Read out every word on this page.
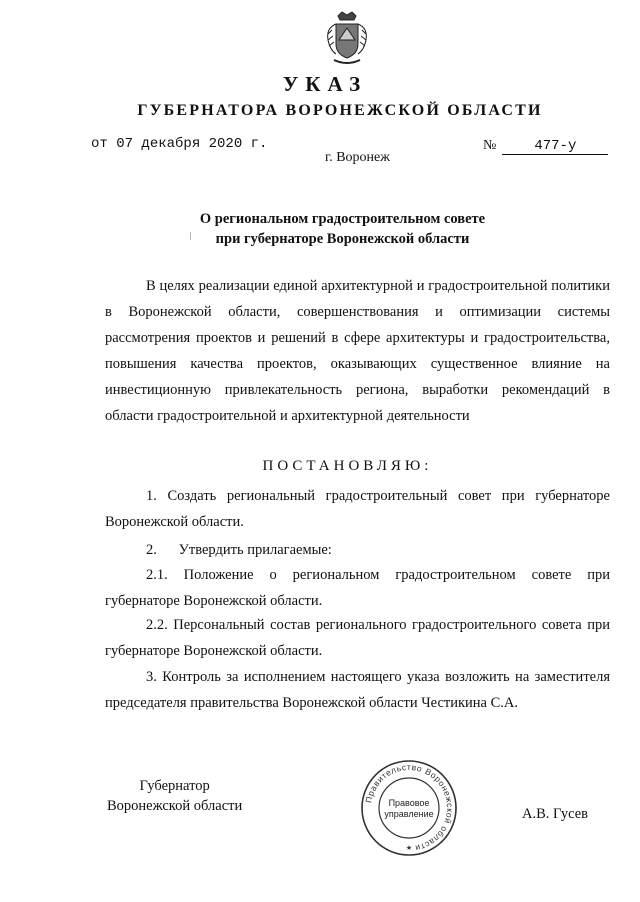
УКАЗ
ГУБЕРНАТОРА ВОРОНЕЖСКОЙ ОБЛАСТИ
от 07 декабря 2020 г.	№	477-у
г. Воронеж
О региональном градостроительном совете
при губернаторе Воронежской области

В целях реализации единой архитектурной и градостроительной политики в Воронежской области, совершенствования и оптимизации системы рассмотрения проектов и решений в сфере архитектуры и градостроительства, повышения качества проектов, оказывающих существенное влияние на инвестиционную привлекательность региона, выработки рекомендаций в области градостроительной и архитектурной деятельности

ПОСТАНОВЛЯЮ:

1. Создать региональный градостроительный совет при губернаторе Воронежской области.

2.      Утвердить прилагаемые:

2.1. Положение о региональном градостроительном совете при губернаторе Воронежской области.

2.2. Персональный состав регионального градостроительного совета при губернаторе Воронежской области.

3. Контроль за исполнением настоящего указа возложить на заместителя председателя правительства Воронежской области Честикина С.А.

Губернатор
Воронежской области	Правительство Воронежской области
★
Правовое
управление	А.В. Гусев
